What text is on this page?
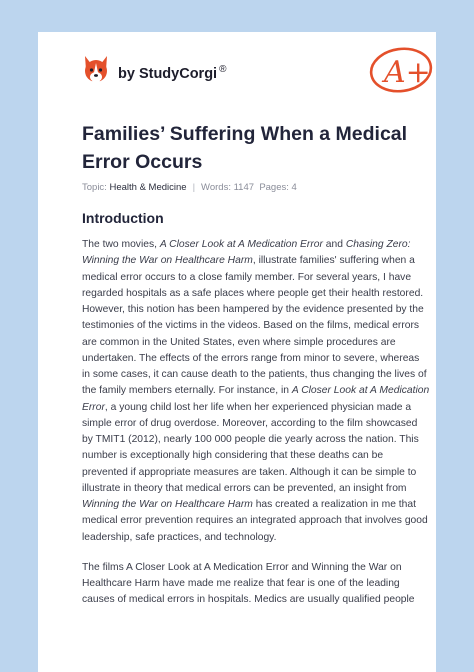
by StudyCorgi ®	A+
Families’ Suffering When a Medical Error Occurs
Topic: Health & Medicine | Words: 1147 Pages: 4
Introduction

The two movies, A Closer Look at A Medication Error and Chasing Zero: Winning the War on Healthcare Harm, illustrate families' suffering when a medical error occurs to a close family member. For several years, I have regarded hospitals as a safe places where people get their health restored. However, this notion has been hampered by the evidence presented by the testimonies of the victims in the videos. Based on the films, medical errors are common in the United States, even where simple procedures are undertaken. The effects of the errors range from minor to severe, whereas in some cases, it can cause death to the patients, thus changing the lives of the family members eternally. For instance, in A Closer Look at A Medication Error, a young child lost her life when her experienced physician made a simple error of drug overdose. Moreover, according to the film showcased by TMIT1 (2012), nearly 100 000 people die yearly across the nation. This number is exceptionally high considering that these deaths can be prevented if appropriate measures are taken. Although it can be simple to illustrate in theory that medical errors can be prevented, an insight from Winning the War on Healthcare Harm has created a realization in me that medical error prevention requires an integrated approach that involves good leadership, safe practices, and technology.

The films A Closer Look at A Medication Error and Winning the War on Healthcare Harm have made me realize that fear is one of the leading causes of medical errors in hospitals. Medics are usually qualified people
